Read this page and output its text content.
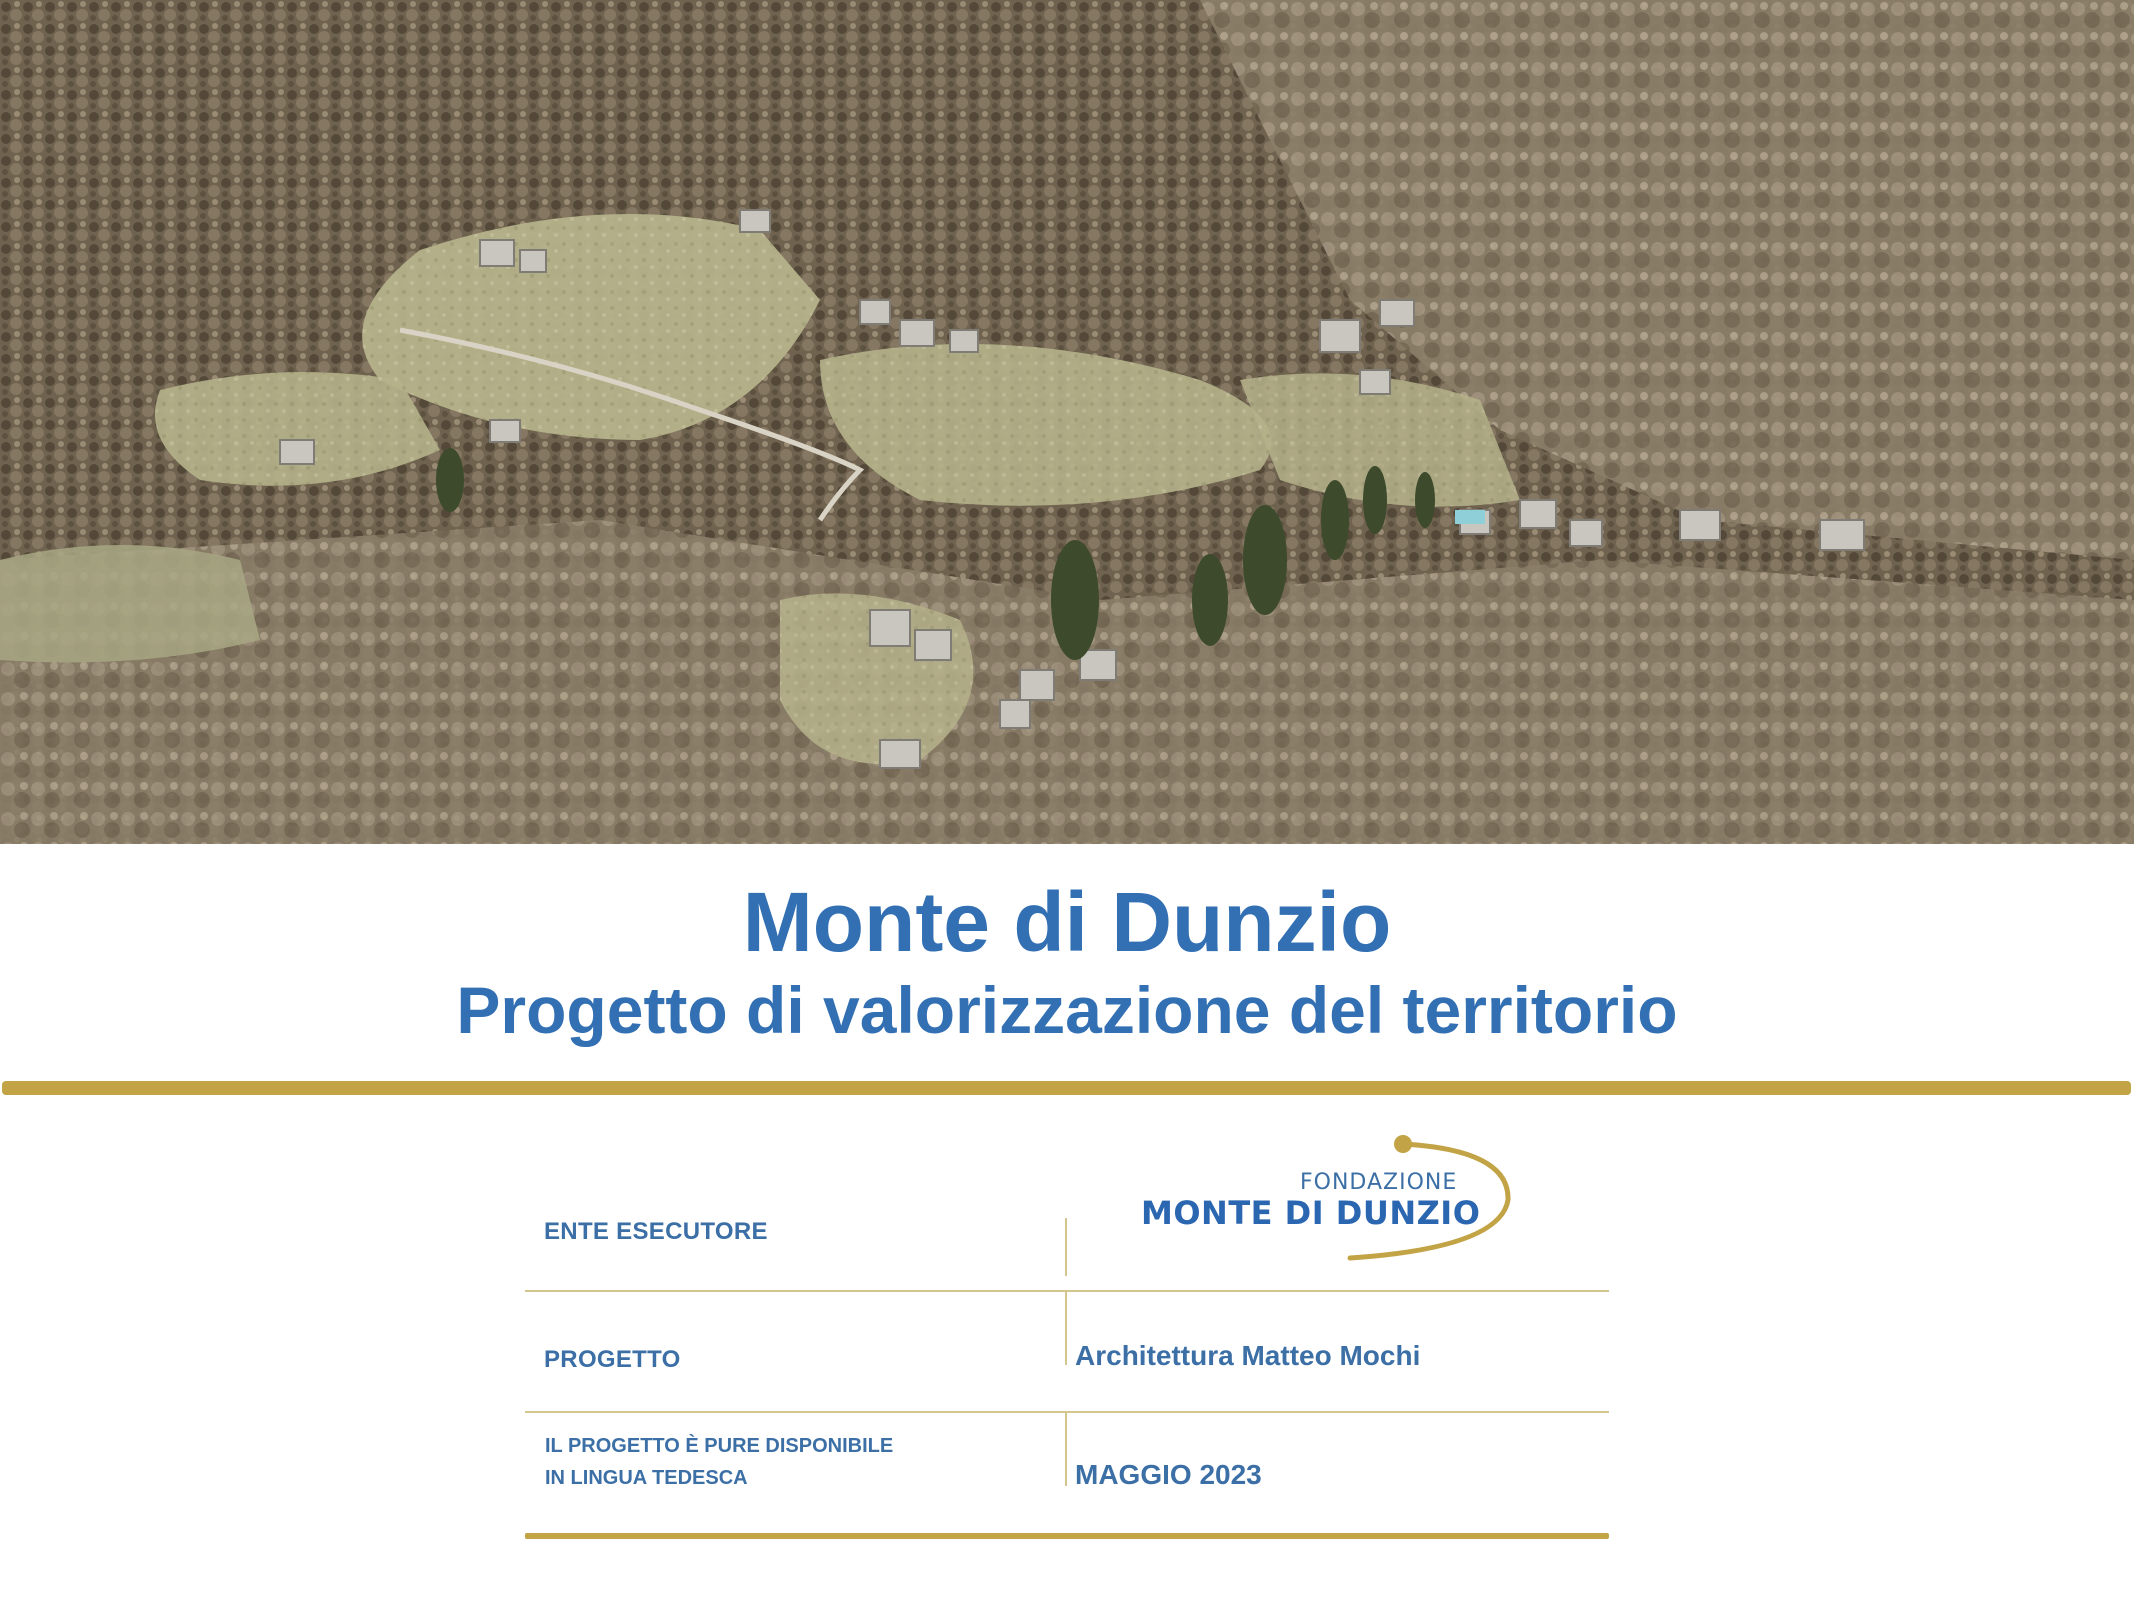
Monte di Dunzio
Progetto di valorizzazione del territorio
ENTE ESECUTORE
FONDAZIONE
MONTE DI DUNZIO
PROGETTO	Architettura Matteo Mochi
IL PROGETTO È PURE DISPONIBILE
IN LINGUA TEDESCA	MAGGIO 2023
